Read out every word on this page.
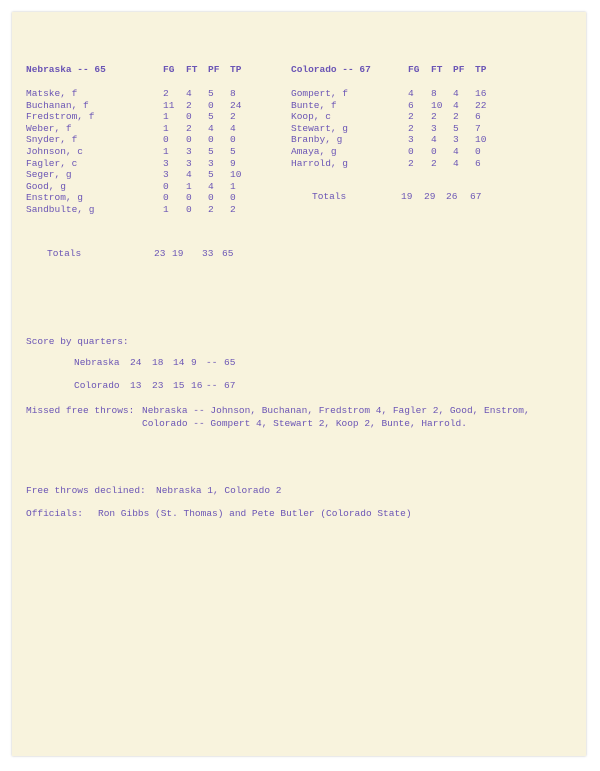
Nebraska -- 65	FG FT PF TP
Matske, f	2 4 5 8
Buchanan, f	11 2 0 24
Fredstrom, f	1 0 5 2
Weber, f	1 2 4 4
Snyder, f	0 0 0 0
Johnson, c	1 3 5 5
Fagler, c	3 3 3 9
Seger, g	3 4 5 10
Good, g	0 1 4 1
Enstrom, g	0 0 0 0
Sandbulte, g	1 0 2 2
Totals	23 19 33 65
Colorado -- 67	FG FT PF TP
Gompert, f	4 8 4 16
Bunte, f	6 10 4 22
Koop, c	2 2 2 6
Stewart, g	2 3 5 7
Branby, g	3 4 3 10
Amaya, g	0 0 4 0
Harrold, g	2 2 4 6
Totals	19 29 26 67
Score by quarters:
Nebraska 24 18 14 9 -- 65
Colorado 13 23 15 16 -- 67
Missed free throws: Nebraska -- Johnson, Buchanan, Fredstrom 4, Fagler 2, Good, Enstrom,
Colorado -- Gompert 4, Stewart 2, Koop 2, Bunte, Harrold.
Free throws declined: Nebraska 1, Colorado 2
Officials: Ron Gibbs (St. Thomas) and Pete Butler (Colorado State)
